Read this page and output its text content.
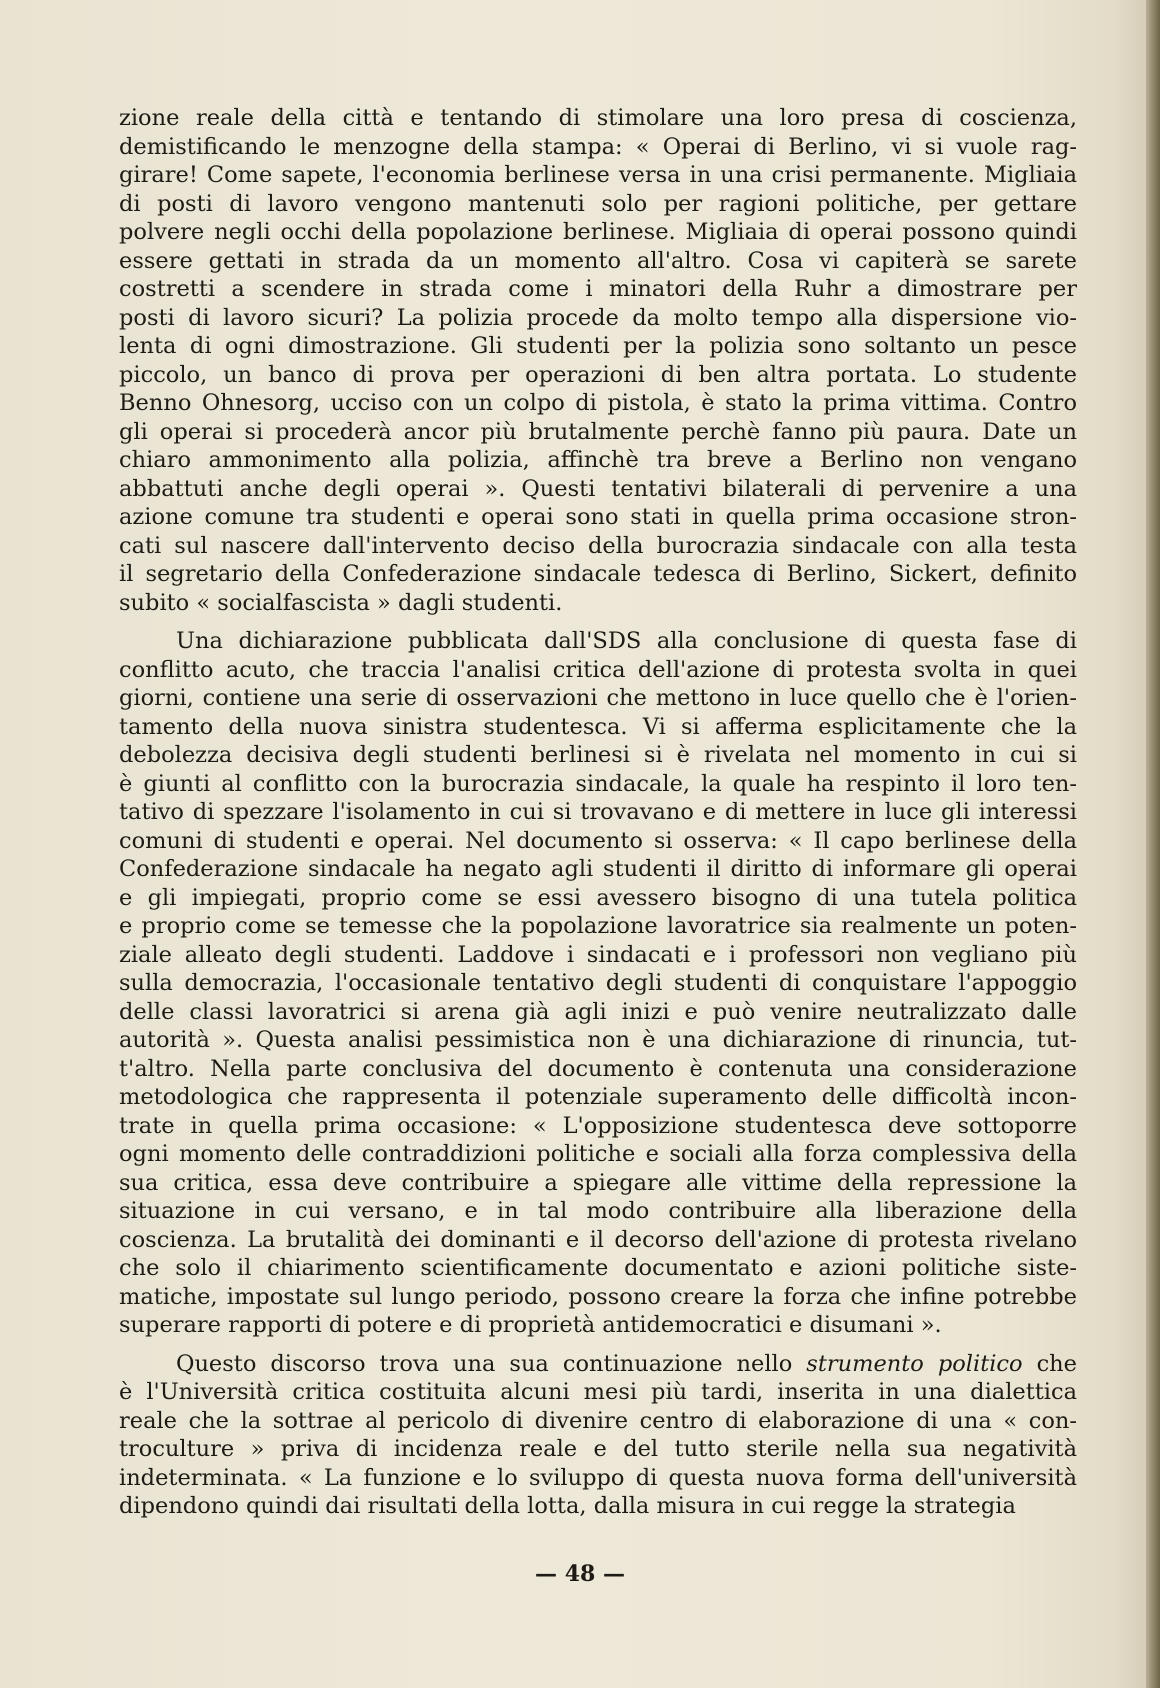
zione reale della città e tentando di stimolare una loro presa di coscienza,
demistificando le menzogne della stampa: « Operai di Berlino, vi si vuole rag-
girare! Come sapete, l'economia berlinese versa in una crisi permanente. Migliaia
di posti di lavoro vengono mantenuti solo per ragioni politiche, per gettare
polvere negli occhi della popolazione berlinese. Migliaia di operai possono quindi
essere gettati in strada da un momento all'altro. Cosa vi capiterà se sarete
costretti a scendere in strada come i minatori della Ruhr a dimostrare per
posti di lavoro sicuri? La polizia procede da molto tempo alla dispersione vio-
lenta di ogni dimostrazione. Gli studenti per la polizia sono soltanto un pesce
piccolo, un banco di prova per operazioni di ben altra portata. Lo studente
Benno Ohnesorg, ucciso con un colpo di pistola, è stato la prima vittima. Contro
gli operai si procederà ancor più brutalmente perchè fanno più paura. Date un
chiaro ammonimento alla polizia, affinchè tra breve a Berlino non vengano
abbattuti anche degli operai ». Questi tentativi bilaterali di pervenire a una
azione comune tra studenti e operai sono stati in quella prima occasione stron-
cati sul nascere dall'intervento deciso della burocrazia sindacale con alla testa
il segretario della Confederazione sindacale tedesca di Berlino, Sickert, definito
subito « socialfascista » dagli studenti.

Una dichiarazione pubblicata dall'SDS alla conclusione di questa fase di
conflitto acuto, che traccia l'analisi critica dell'azione di protesta svolta in quei
giorni, contiene una serie di osservazioni che mettono in luce quello che è l'orien-
tamento della nuova sinistra studentesca. Vi si afferma esplicitamente che la
debolezza decisiva degli studenti berlinesi si è rivelata nel momento in cui si
è giunti al conflitto con la burocrazia sindacale, la quale ha respinto il loro ten-
tativo di spezzare l'isolamento in cui si trovavano e di mettere in luce gli interessi
comuni di studenti e operai. Nel documento si osserva: « Il capo berlinese della
Confederazione sindacale ha negato agli studenti il diritto di informare gli operai
e gli impiegati, proprio come se essi avessero bisogno di una tutela politica
e proprio come se temesse che la popolazione lavoratrice sia realmente un poten-
ziale alleato degli studenti. Laddove i sindacati e i professori non vegliano più
sulla democrazia, l'occasionale tentativo degli studenti di conquistare l'appoggio
delle classi lavoratrici si arena già agli inizi e può venire neutralizzato dalle
autorità ». Questa analisi pessimistica non è una dichiarazione di rinuncia, tut-
t'altro. Nella parte conclusiva del documento è contenuta una considerazione
metodologica che rappresenta il potenziale superamento delle difficoltà incon-
trate in quella prima occasione: « L'opposizione studentesca deve sottoporre
ogni momento delle contraddizioni politiche e sociali alla forza complessiva della
sua critica, essa deve contribuire a spiegare alle vittime della repressione la
situazione in cui versano, e in tal modo contribuire alla liberazione della
coscienza. La brutalità dei dominanti e il decorso dell'azione di protesta rivelano
che solo il chiarimento scientificamente documentato e azioni politiche siste-
matiche, impostate sul lungo periodo, possono creare la forza che infine potrebbe
superare rapporti di potere e di proprietà antidemocratici e disumani ».

Questo discorso trova una sua continuazione nello strumento politico che
è l'Università critica costituita alcuni mesi più tardi, inserita in una dialettica
reale che la sottrae al pericolo di divenire centro di elaborazione di una « con-
troculture » priva di incidenza reale e del tutto sterile nella sua negatività
indeterminata. « La funzione e lo sviluppo di questa nuova forma dell'università
dipendono quindi dai risultati della lotta, dalla misura in cui regge la strategia

— 48 —
